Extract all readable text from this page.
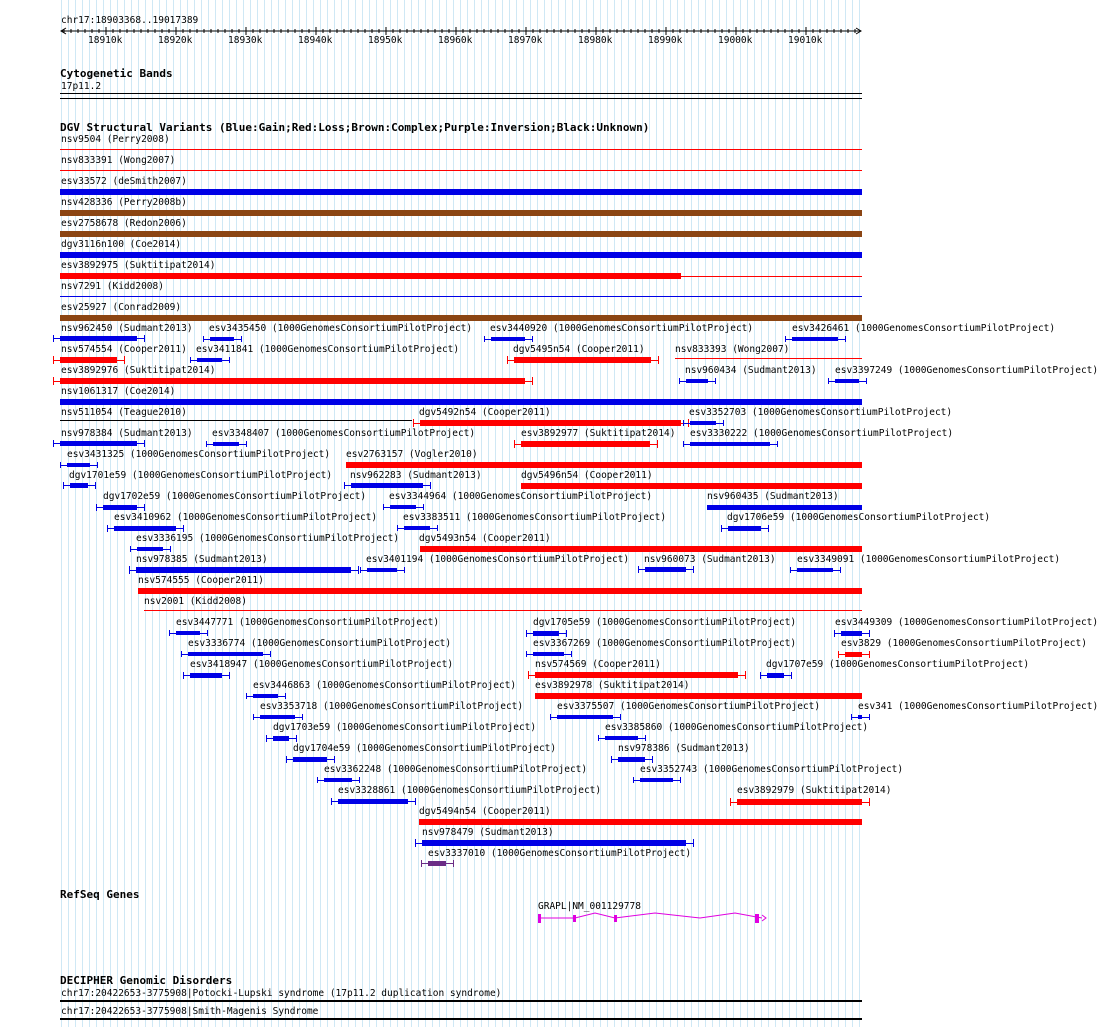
chr17:18903368..19017389
18910k	18920k	18930k	18940k	18950k	18960k	18970k	18980k	18990k	19000k	19010k
Cytogenetic Bands
17p11.2
DGV Structural Variants (Blue:Gain;Red:Loss;Brown:Complex;Purple:Inversion;Black:Unknown)
nsv9504 (Perry2008)
nsv833391 (Wong2007)
esv33572 (deSmith2007)
nsv428336 (Perry2008b)
esv2758678 (Redon2006)
dgv3116n100 (Coe2014)
esv3892975 (Suktitipat2014)
nsv7291 (Kidd2008)
esv25927 (Conrad2009)
nsv962450 (Sudmant2013) esv3435450 (1000GenomesConsortiumPilotProject) esv3440920 (1000GenomesConsortiumPilotProject)	esv3426461 (1000GenomesConsortiumPilotProject)
nsv574554 (Cooper2011) esv3411841 (1000GenomesConsortiumPilotProject)	dgv5495n54 (Cooper2011)	nsv833393 (Wong2007)
esv3892976 (Suktitipat2014)	nsv960434 (Sudmant2013) esv3397249 (1000GenomesConsortiumPilotProject)
nsv1061317 (Coe2014)
nsv511054 (Teague2010)	dgv5492n54 (Cooper2011)	esv3352703 (1000GenomesConsortiumPilotProject)
nsv978384 (Sudmant2013) esv3348407 (1000GenomesConsortiumPilotProject)	esv3892977 (Suktitipat2014) esv3330222 (1000GenomesConsortiumPilotProject)
esv3431325 (1000GenomesConsortiumPilotProject) esv2763157 (Vogler2010)
dgv1701e59 (1000GenomesConsortiumPilotProject) nsv962283 (Sudmant2013)	dgv5496n54 (Cooper2011)
dgv1702e59 (1000GenomesConsortiumPilotProject) esv3344964 (1000GenomesConsortiumPilotProject)	nsv960435 (Sudmant2013)
esv3410962 (1000GenomesConsortiumPilotProject)	esv3383511 (1000GenomesConsortiumPilotProject)	dgv1706e59 (1000GenomesConsortiumPilotProject)
esv3336195 (1000GenomesConsortiumPilotProject) dgv5493n54 (Cooper2011)
nsv978385 (Sudmant2013)	esv3401194 (1000GenomesConsortiumPilotProject) nsv960073 (Sudmant2013) esv3349091 (1000GenomesConsortiumPilotProject)
nsv574555 (Cooper2011)
nsv2001 (Kidd2008)
esv3447771 (1000GenomesConsortiumPilotProject)	dgv1705e59 (1000GenomesConsortiumPilotProject)	esv3449309 (1000GenomesConsortiumPilotProject)
esv3336774 (1000GenomesConsortiumPilotProject)	esv3367269 (1000GenomesConsortiumPilotProject)	esv3829 (1000GenomesConsortiumPilotProject)
esv3418947 (1000GenomesConsortiumPilotProject)	nsv574569 (Cooper2011)	dgv1707e59 (1000GenomesConsortiumPilotProject)
esv3446863 (1000GenomesConsortiumPilotProject) esv3892978 (Suktitipat2014)
esv3353718 (1000GenomesConsortiumPilotProject)	esv3375507 (1000GenomesConsortiumPilotProject)	esv341 (1000GenomesConsortiumPilotProject)
dgv1703e59 (1000GenomesConsortiumPilotProject)	esv3385860 (1000GenomesConsortiumPilotProject)
dgv1704e59 (1000GenomesConsortiumPilotProject)	nsv978386 (Sudmant2013)
esv3362248 (1000GenomesConsortiumPilotProject)	esv3352743 (1000GenomesConsortiumPilotProject)
esv3328861 (1000GenomesConsortiumPilotProject)	esv3892979 (Suktitipat2014)
dgv5494n54 (Cooper2011)
nsv978479 (Sudmant2013)
esv3337010 (1000GenomesConsortiumPilotProject)
RefSeq Genes
GRAPL|NM_001129778
DECIPHER Genomic Disorders
chr17:20422653-3775908|Potocki-Lupski syndrome (17p11.2 duplication syndrome)
chr17:20422653-3775908|Smith-Magenis Syndrome
